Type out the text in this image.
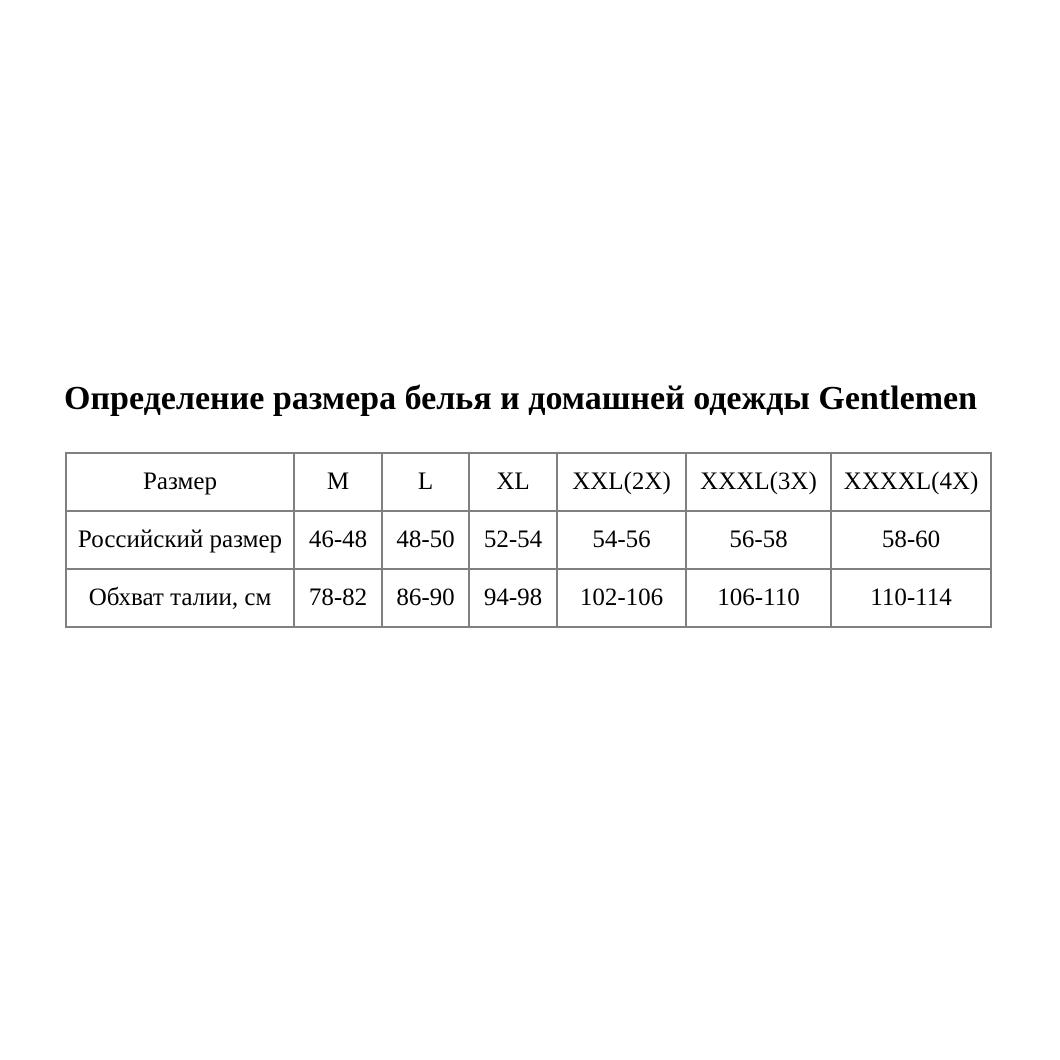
Определение размера белья и домашней одежды Gentlemen
Размер	M	L	XL	XXL(2X)	XXXL(3X)	XXXXL(4X)
Российский размер	46-48	48-50	52-54	54-56	56-58	58-60
Обхват талии, см	78-82	86-90	94-98	102-106	106-110	110-114
